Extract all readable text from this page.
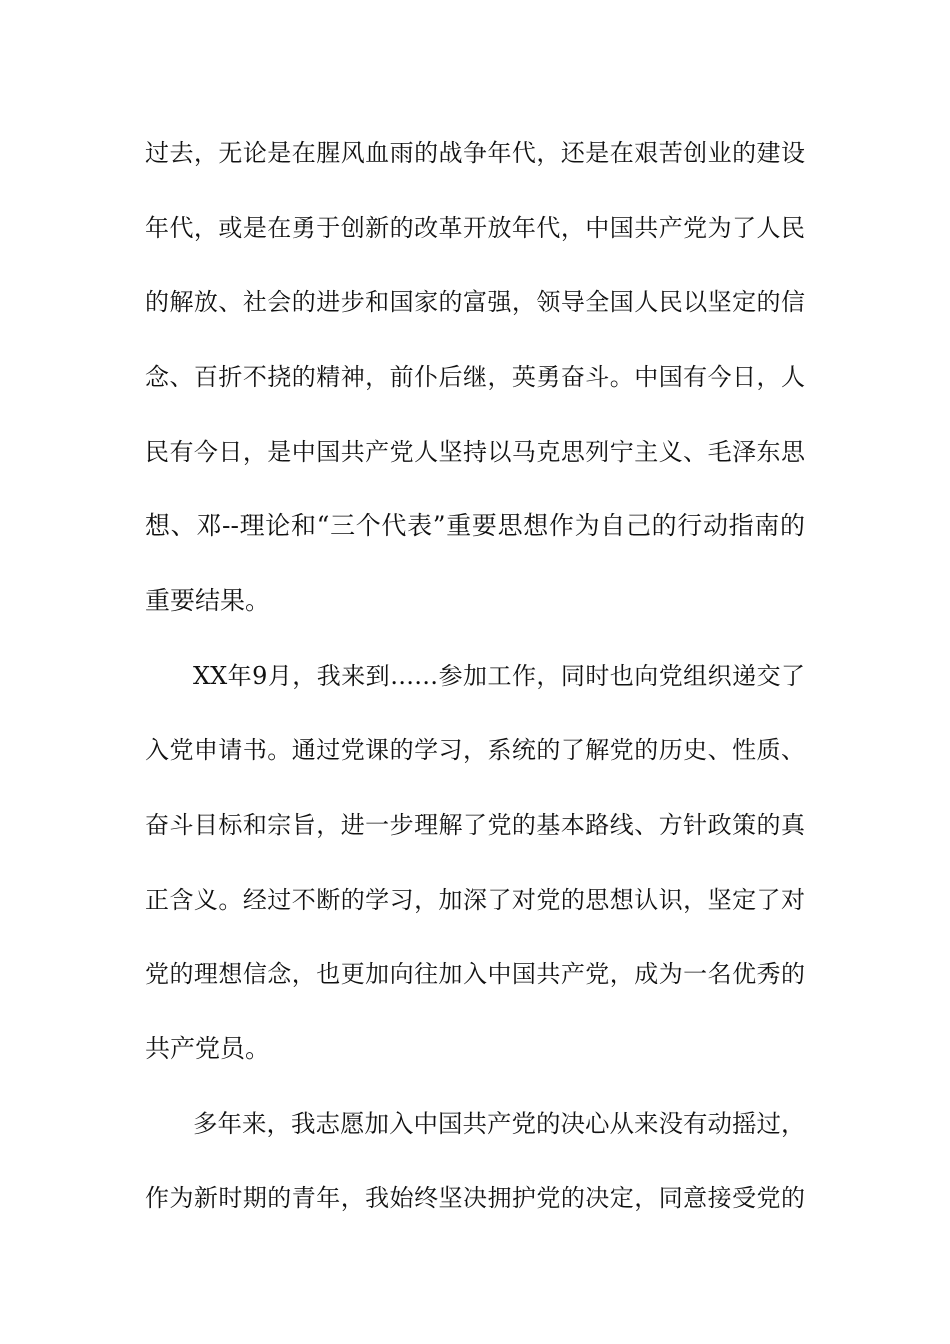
过去，无论是在腥风血雨的战争年代，还是在艰苦创业的建设
年代，或是在勇于创新的改革开放年代，中国共产党为了人民
的解放、社会的进步和国家的富强，领导全国人民以坚定的信
念、百折不挠的精神，前仆后继，英勇奋斗。中国有今日，人
民有今日，是中国共产党人坚持以马克思列宁主义、毛泽东思
想、邓--理论和“三个代表”重要思想作为自己的行动指南的
重要结果。
XX年9月，我来到……参加工作，同时也向党组织递交了
入党申请书。通过党课的学习，系统的了解党的历史、性质、
奋斗目标和宗旨，进一步理解了党的基本路线、方针政策的真
正含义。经过不断的学习，加深了对党的思想认识，坚定了对
党的理想信念，也更加向往加入中国共产党，成为一名优秀的
共产党员。
多年来，我志愿加入中国共产党的决心从来没有动摇过，
作为新时期的青年，我始终坚决拥护党的决定，同意接受党的
